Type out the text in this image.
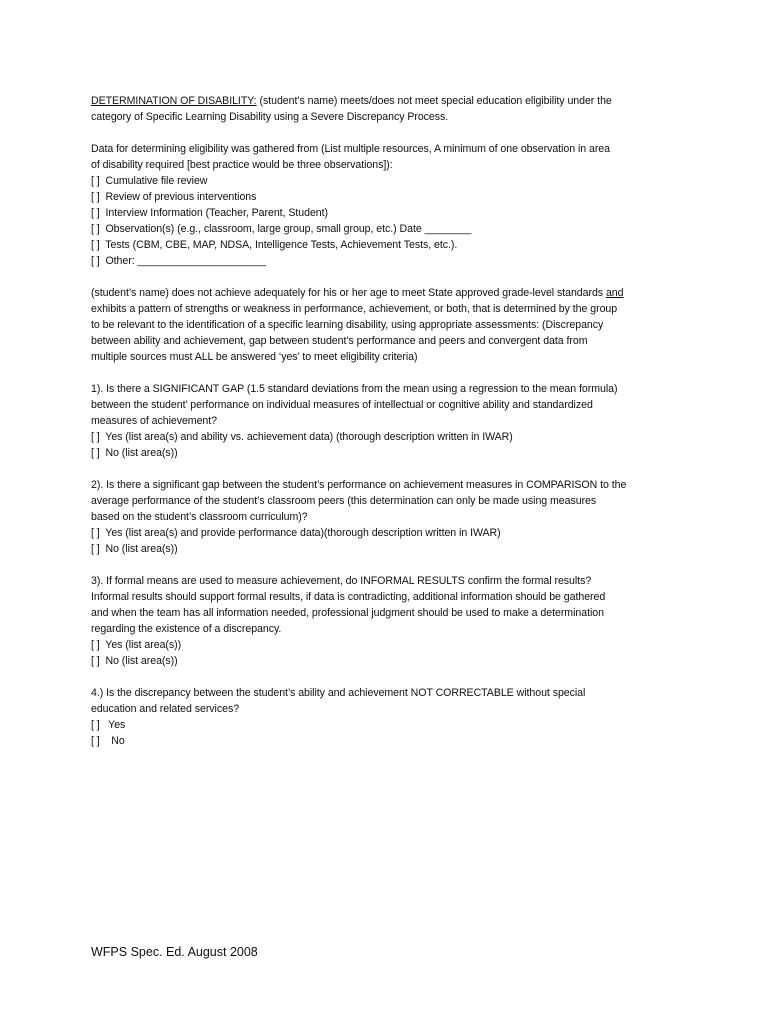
DETERMINATION OF DISABILITY: (student’s name) meets/does not meet special education eligibility under the
category of Specific Learning Disability using a Severe Discrepancy Process.

Data for determining eligibility was gathered from (List multiple resources, A minimum of one observation in area
of disability required [best practice would be three observations]):
[ ]  Cumulative file review
[ ]  Review of previous interventions
[ ]  Interview Information (Teacher, Parent, Student)
[ ]  Observation(s) (e.g., classroom, large group, small group, etc.) Date ________
[ ]  Tests (CBM, CBE, MAP, NDSA, Intelligence Tests, Achievement Tests, etc.).
[ ]  Other: ______________________

(student’s name) does not achieve adequately for his or her age to meet State approved grade-level standards and
exhibits a pattern of strengths or weakness in performance, achievement, or both, that is determined by the group
to be relevant to the identification of a specific learning disability, using appropriate assessments: (Discrepancy
between ability and achievement, gap between student’s performance and peers and convergent data from
multiple sources must ALL be answered ‘yes’ to meet eligibility criteria)

1). Is there a SIGNIFICANT GAP (1.5 standard deviations from the mean using a regression to the mean formula)
between the student’ performance on individual measures of intellectual or cognitive ability and standardized
measures of achievement?
[ ]  Yes (list area(s) and ability vs. achievement data) (thorough description written in IWAR)
[ ]  No (list area(s))

2). Is there a significant gap between the student’s performance on achievement measures in COMPARISON to the
average performance of the student’s classroom peers (this determination can only be made using measures
based on the student’s classroom curriculum)?
[ ]  Yes (list area(s) and provide performance data)(thorough description written in IWAR)
[ ]  No (list area(s))

3). If formal means are used to measure achievement, do INFORMAL RESULTS confirm the formal results?
Informal results should support formal results, if data is contradicting, additional information should be gathered
and when the team has all information needed, professional judgment should be used to make a determination
regarding the existence of a discrepancy.
[ ]  Yes (list area(s))
[ ]  No (list area(s))

4.) Is the discrepancy between the student’s ability and achievement NOT CORRECTABLE without special
education and related services?
[ ]   Yes
[ ]    No

WFPS Spec. Ed. August 2008
